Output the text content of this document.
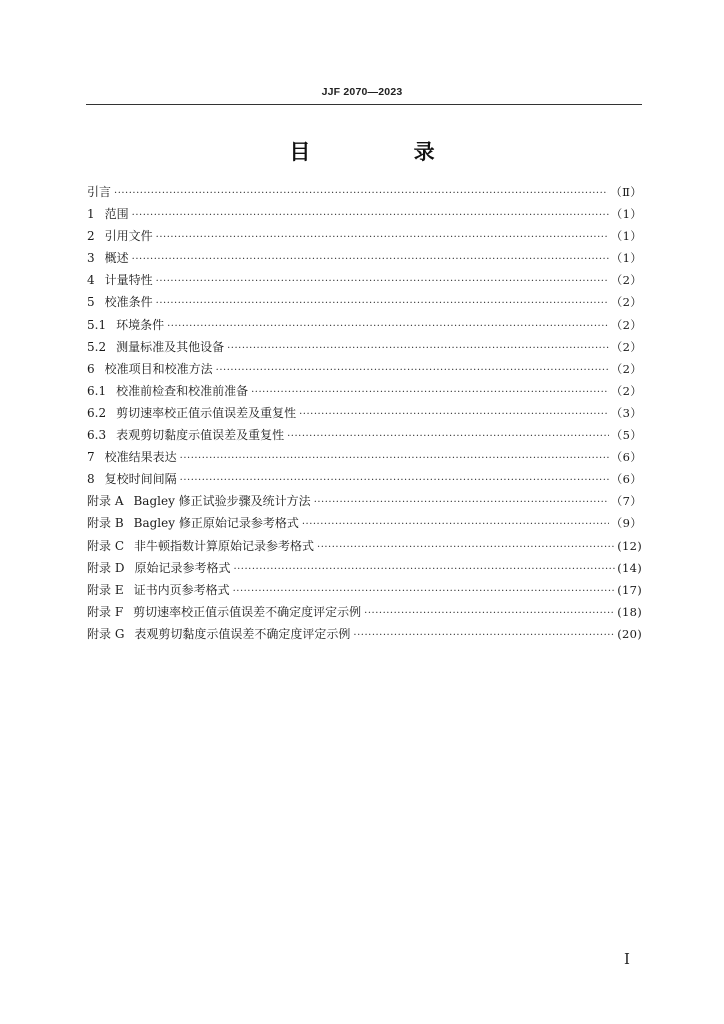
JJF 2070—2023
目 录
引言 ·····	（Ⅱ）
1 范围 ·····	（1）
2 引用文件 ·····	（1）
3 概述 ·····	（1）
4 计量特性 ·····	（2）
5 校准条件 ·····	（2）
5.1 环境条件 ·····	（2）
5.2 测量标准及其他设备 ·····	（2）
6 校准项目和校准方法 ·····	（2）
6.1 校准前检查和校准前准备 ·····	（2）
6.2 剪切速率校正值示值误差及重复性 ·····	（3）
6.3 表观剪切黏度示值误差及重复性 ·····	（5）
7 校准结果表达 ·····	（6）
8 复校时间间隔 ·····	（6）
附录 A Bagley 修正试验步骤及统计方法 ·····	（7）
附录 B Bagley 修正原始记录参考格式 ·····	（9）
附录 C 非牛顿指数计算原始记录参考格式 ·····	(12)
附录 D 原始记录参考格式 ·····	(14)
附录 E 证书内页参考格式 ·····	(17)
附录 F 剪切速率校正值示值误差不确定度评定示例 ·····	(18)
附录 G 表观剪切黏度示值误差不确定度评定示例 ·····	(20)
I
